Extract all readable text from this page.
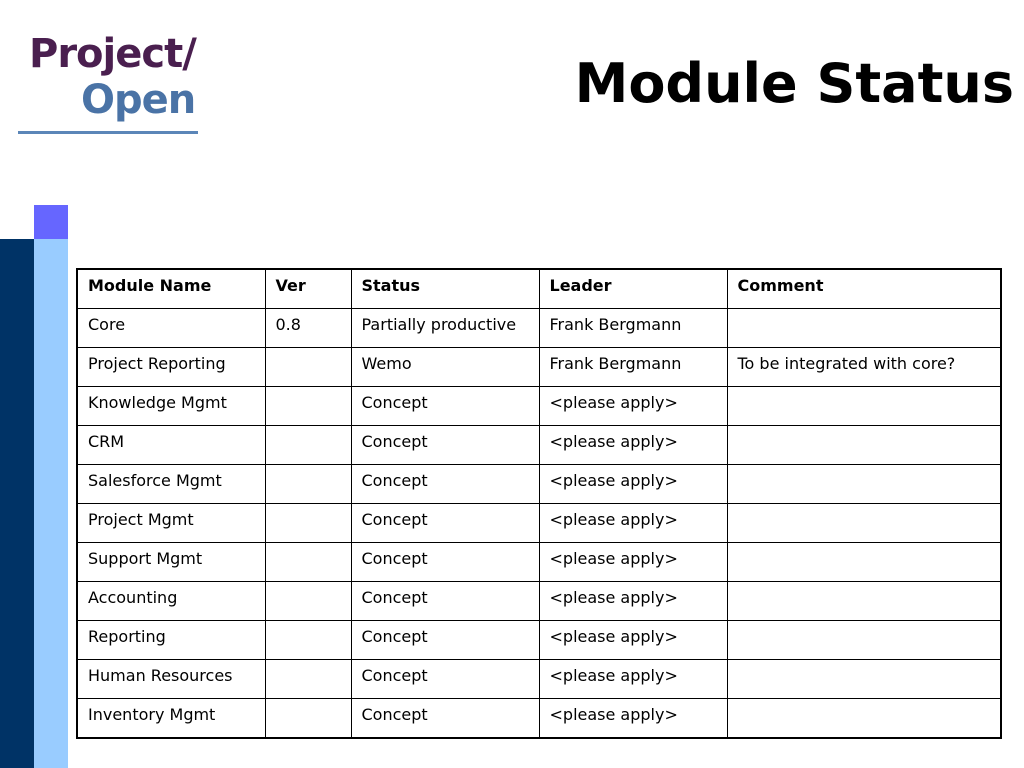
Project/
Open	Module Status
Module Name	Ver	Status	Leader	Comment
Core	0.8	Partially productive	Frank Bergmann	
Project Reporting		Wemo	Frank Bergmann	To be integrated with core?
Knowledge Mgmt		Concept	<please apply>	
CRM		Concept	<please apply>	
Salesforce Mgmt		Concept	<please apply>	
Project Mgmt		Concept	<please apply>	
Support Mgmt		Concept	<please apply>	
Accounting		Concept	<please apply>	
Reporting		Concept	<please apply>	
Human Resources		Concept	<please apply>	
Inventory Mgmt		Concept	<please apply>	
